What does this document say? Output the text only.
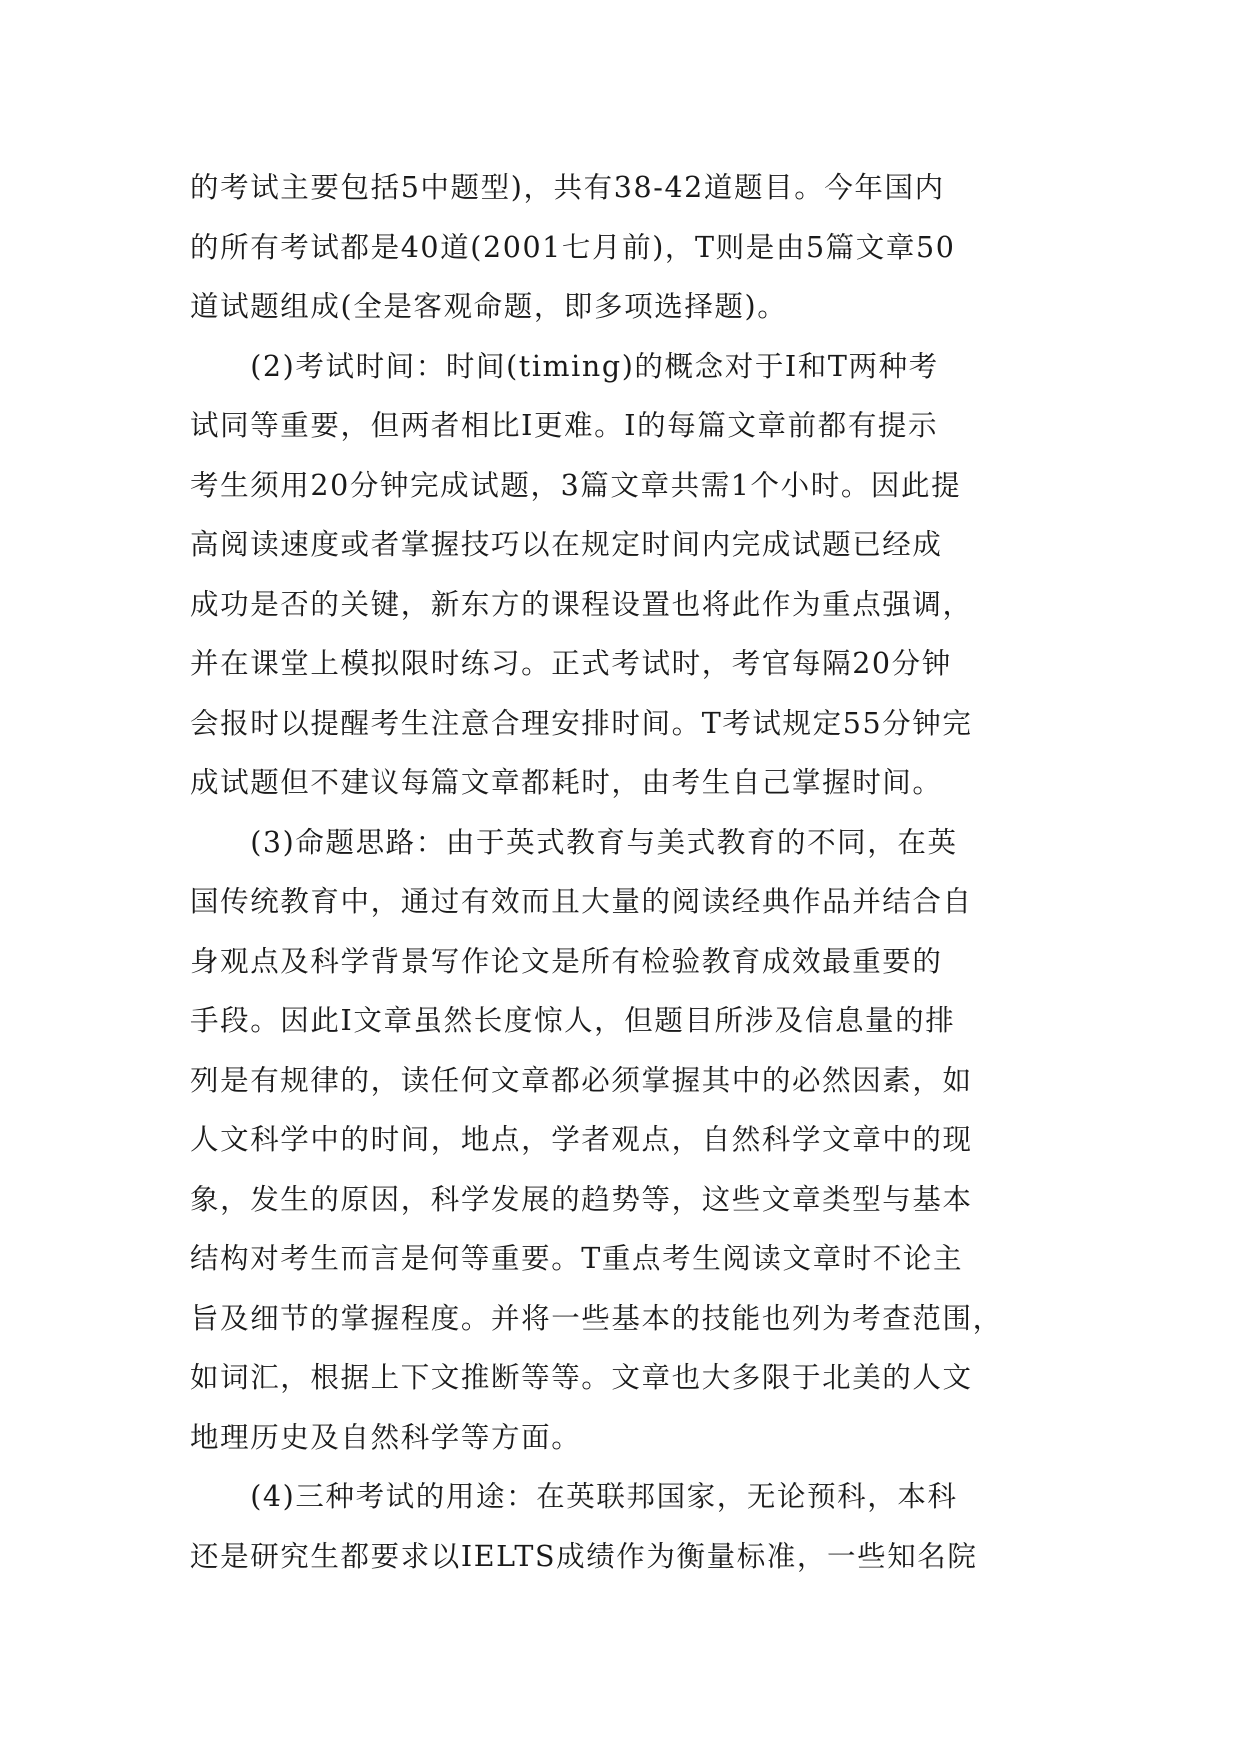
的考试主要包括5中题型)，共有38-42道题目。今年国内
的所有考试都是40道(2001七月前)，T则是由5篇文章50
道试题组成(全是客观命题，即多项选择题)。
　　(2)考试时间：时间(timing)的概念对于I和T两种考
试同等重要，但两者相比I更难。I的每篇文章前都有提示
考生须用20分钟完成试题，3篇文章共需1个小时。因此提
高阅读速度或者掌握技巧以在规定时间内完成试题已经成
成功是否的关键，新东方的课程设置也将此作为重点强调，
并在课堂上模拟限时练习。正式考试时，考官每隔20分钟
会报时以提醒考生注意合理安排时间。T考试规定55分钟完
成试题但不建议每篇文章都耗时，由考生自己掌握时间。
　　(3)命题思路：由于英式教育与美式教育的不同，在英
国传统教育中，通过有效而且大量的阅读经典作品并结合自
身观点及科学背景写作论文是所有检验教育成效最重要的
手段。因此I文章虽然长度惊人，但题目所涉及信息量的排
列是有规律的，读任何文章都必须掌握其中的必然因素，如
人文科学中的时间，地点，学者观点，自然科学文章中的现
象，发生的原因，科学发展的趋势等，这些文章类型与基本
结构对考生而言是何等重要。T重点考生阅读文章时不论主
旨及细节的掌握程度。并将一些基本的技能也列为考查范围，
如词汇，根据上下文推断等等。文章也大多限于北美的人文
地理历史及自然科学等方面。
　　(4)三种考试的用途：在英联邦国家，无论预科，本科
还是研究生都要求以IELTS成绩作为衡量标准，一些知名院
